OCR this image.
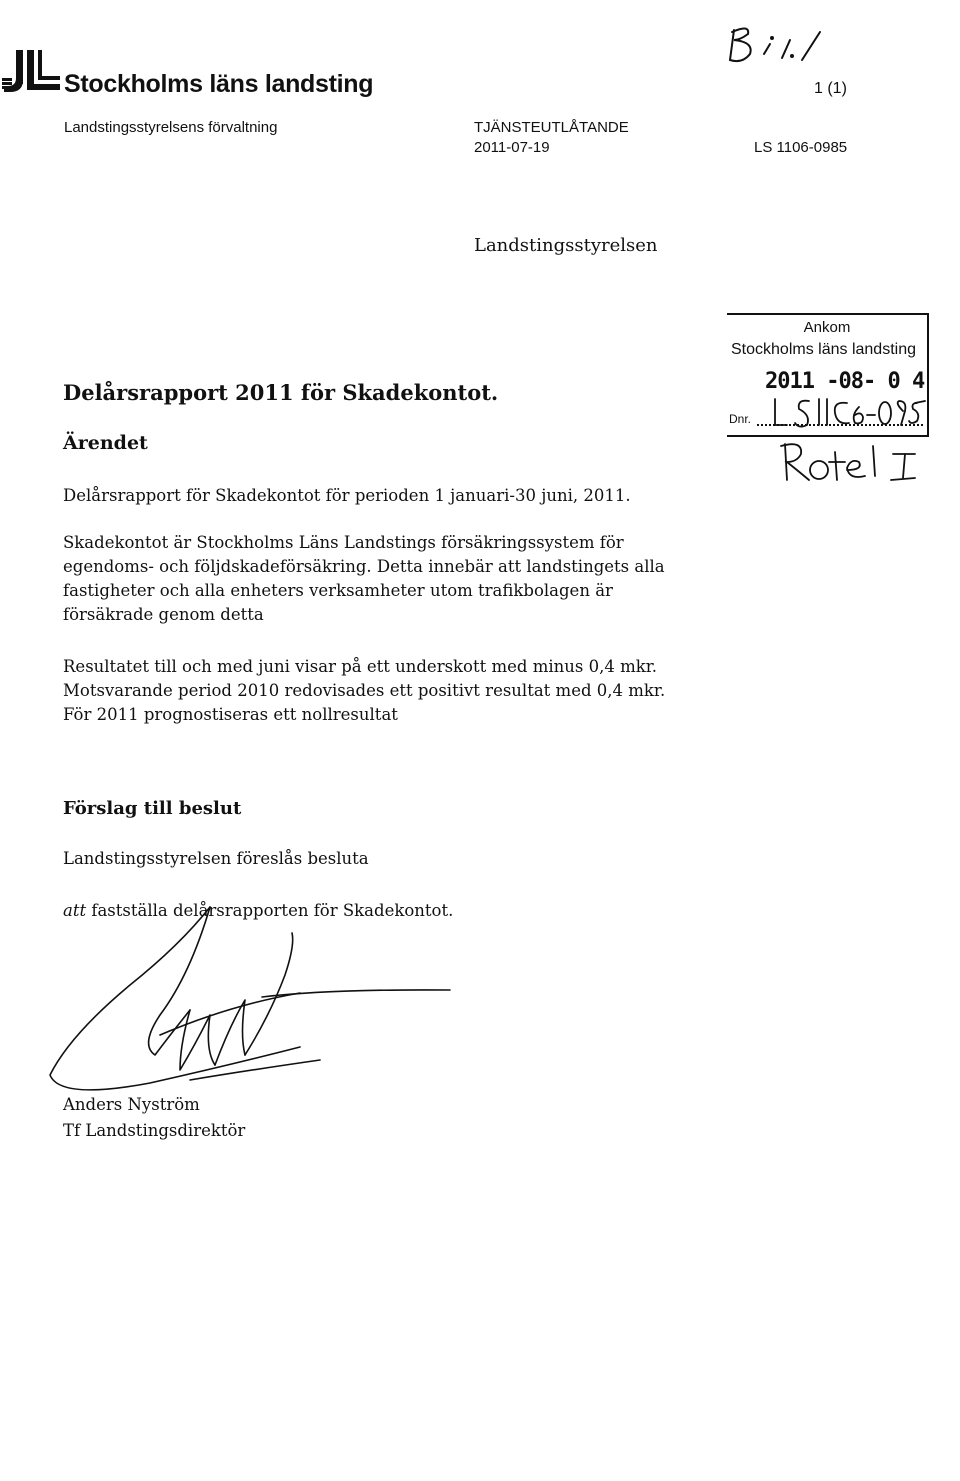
Stockholms läns landsting	1 (1)
Landstingsstyrelsens förvaltning	TJÄNSTEUTLÅTANDE
2011-07-19	LS 1106-0985
Landstingsstyrelsen
Ankom
Stockholms läns landsting
2011 -08- 0 4
Dnr.
Delårsrapport 2011 för Skadekontot.
Ärendet
Delårsrapport för Skadekontot för perioden 1 januari-30 juni, 2011.
Skadekontot är Stockholms Läns Landstings försäkringssystem för egendoms- och följdskadeförsäkring. Detta innebär att landstingets alla fastigheter och alla enheters verksamheter utom trafikbolagen är försäkrade genom detta
Resultatet till och med juni visar på ett underskott med minus 0,4 mkr.
Motsvarande period 2010 redovisades ett positivt resultat med 0,4 mkr.
För 2011 prognostiseras ett nollresultat
Förslag till beslut
Landstingsstyrelsen föreslås besluta
att fastställa delårsrapporten för Skadekontot.
Anders Nyström
Tf Landstingsdirektör
